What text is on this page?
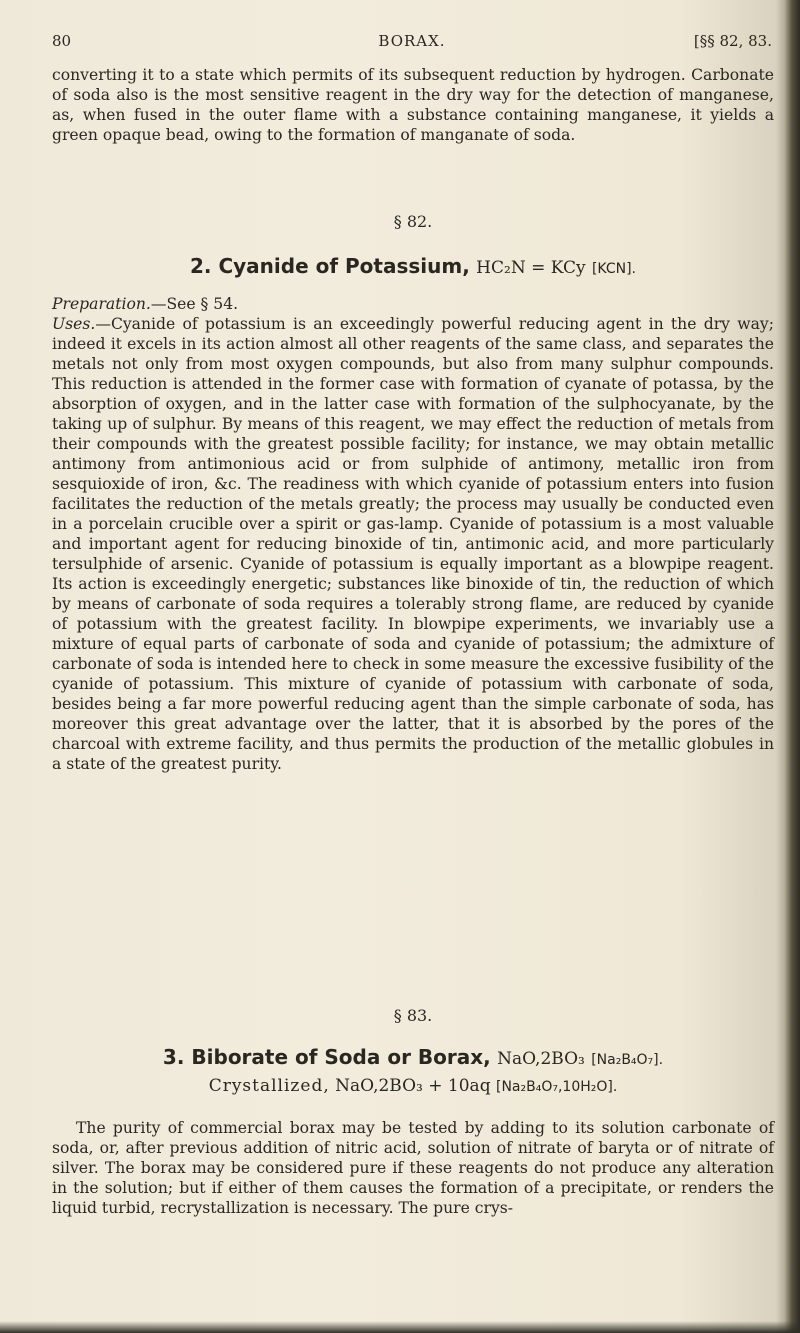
80	BORAX.	[§§ 82, 83.

converting it to a state which permits of its subsequent reduction by hydrogen. Carbonate of soda also is the most sensitive reagent in the dry way for the detection of manganese, as, when fused in the outer flame with a substance containing manganese, it yields a green opaque bead, owing to the formation of manganate of soda.

§ 82.
2. Cyanide of Potassium, HC₂N = KCy [KCN].

Preparation.—See § 54.

Uses.—Cyanide of potassium is an exceedingly powerful reducing agent in the dry way; indeed it excels in its action almost all other reagents of the same class, and separates the metals not only from most oxygen compounds, but also from many sulphur compounds. This reduction is attended in the former case with formation of cyanate of potassa, by the absorption of oxygen, and in the latter case with formation of the sulphocyanate, by the taking up of sulphur. By means of this reagent, we may effect the reduction of metals from their compounds with the greatest possible facility; for instance, we may obtain metallic antimony from antimonious acid or from sulphide of antimony, metallic iron from sesquioxide of iron, &c. The readiness with which cyanide of potassium enters into fusion facilitates the reduction of the metals greatly; the process may usually be conducted even in a porcelain crucible over a spirit or gas-lamp. Cyanide of potassium is a most valuable and important agent for reducing binoxide of tin, antimonic acid, and more particularly tersulphide of arsenic. Cyanide of potassium is equally important as a blowpipe reagent. Its action is exceedingly energetic; substances like binoxide of tin, the reduction of which by means of carbonate of soda requires a tolerably strong flame, are reduced by cyanide of potassium with the greatest facility. In blowpipe experiments, we invariably use a mixture of equal parts of carbonate of soda and cyanide of potassium; the admixture of carbonate of soda is intended here to check in some measure the excessive fusibility of the cyanide of potassium. This mixture of cyanide of potassium with carbonate of soda, besides being a far more powerful reducing agent than the simple carbonate of soda, has moreover this great advantage over the latter, that it is absorbed by the pores of the charcoal with extreme facility, and thus permits the production of the metallic globules in a state of the greatest purity.

§ 83.
3. Biborate of Soda or Borax, NaO,2BO₃ [Na₂B₄O₇].
Crystallized, NaO,2BO₃ + 10aq [Na₂B₄O₇,10H₂O].

The purity of commercial borax may be tested by adding to its solution carbonate of soda, or, after previous addition of nitric acid, solution of nitrate of baryta or of nitrate of silver. The borax may be considered pure if these reagents do not produce any alteration in the solution; but if either of them causes the formation of a precipitate, or renders the liquid turbid, recrystallization is necessary. The pure crys-
